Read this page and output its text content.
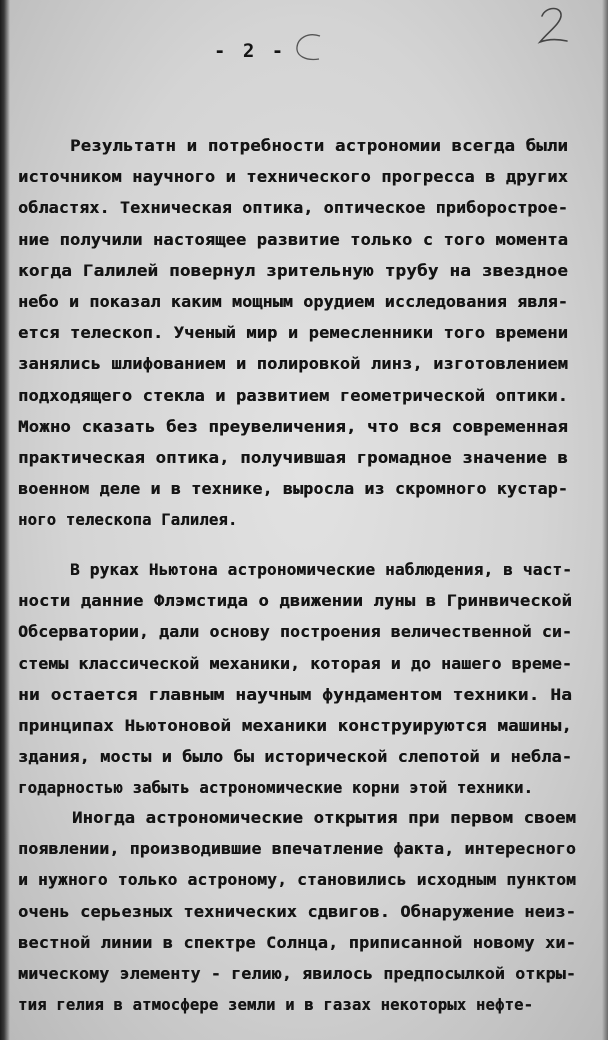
- 2 -
Результатн и потребности астрономии всегда были
источником научного и технического прогресса в других
областях. Техническая оптика, оптическое приборострое-
ние получили настоящее развитие только с того момента
когда Галилей повернул зрительную трубу на звездное
небо и показал каким мощным орудием исследования явля-
ется телескоп. Ученый мир и ремесленники того времени
занялись шлифованием и полировкой линз, изготовлением
подходящего стекла и развитием геометрической оптики.
Можно сказать без преувеличения, что вся современная
практическая оптика, получившая громадное значение в
военном деле и в технике, выросла из скромного кустар-
ного телескопа Галилея.
В руках Ньютона астрономические наблюдения, в част-
ности данние Флэмстида о движении луны в Гринвической
Обсерватории, дали основу построения величественной си-
стемы классической механики, которая и до нашего време-
ни остается главным научным фундаментом техники. На
принципах Ньютоновой механики конструируются машины,
здания, мосты и было бы исторической слепотой и небла-
годарностью забыть астрономические корни этой техники.
Иногда астрономические открытия при первом своем
появлении, производившие впечатление факта, интересного
и нужного только астроному, становились исходным пунктом
очень серьезных технических сдвигов. Обнаружение неиз-
вестной линии в спектре Солнца, приписанной новому хи-
мическому элементу - гелию, явилось предпосылкой откры-
тия гелия в атмосфере земли и в газах некоторых нефте-
